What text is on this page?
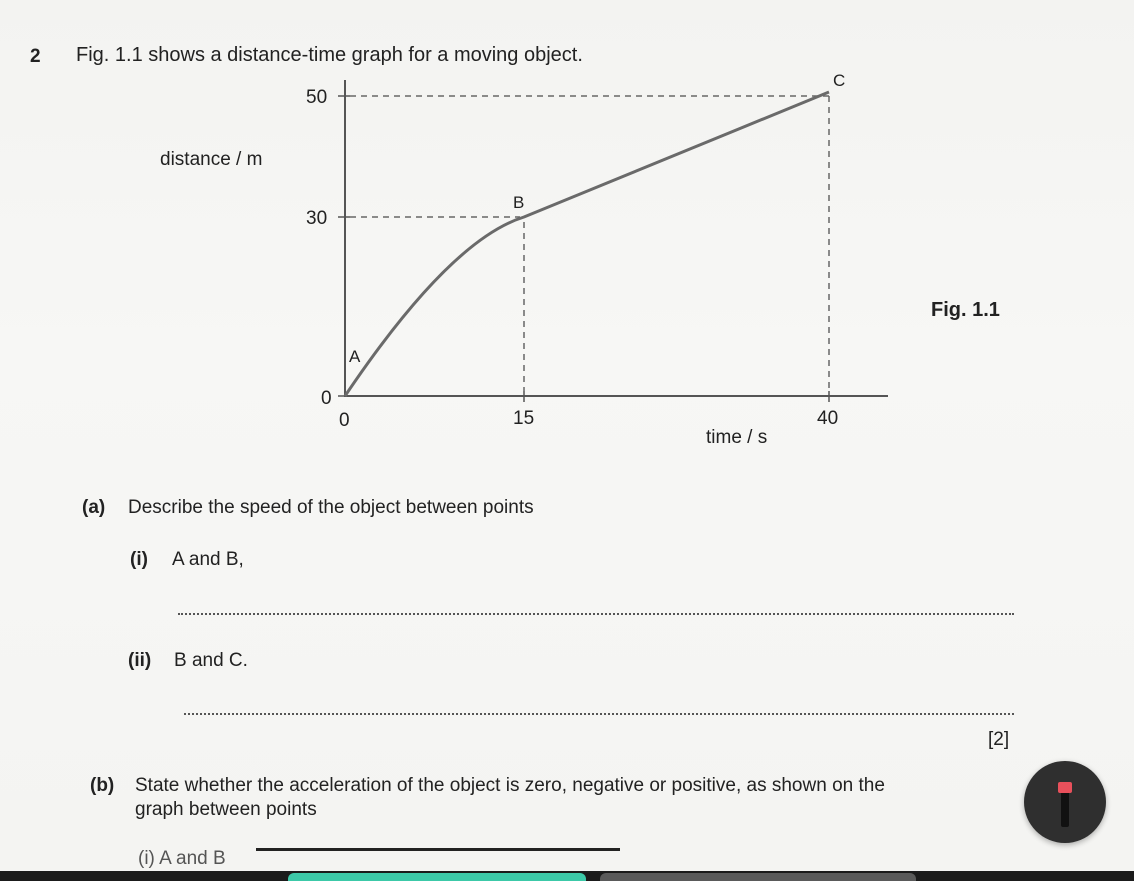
2 Fig. 1.1 shows a distance-time graph for a moving object.
A
B
C
50
30
0
0	15	40
distance / m
time / s
Fig. 1.1
(a) Describe the speed of the object between points
(i) A and B,
(ii) B and C.
[2]
(b) State whether the acceleration of the object is zero, negative or positive, as shown on the
graph between points
(i) A and B
